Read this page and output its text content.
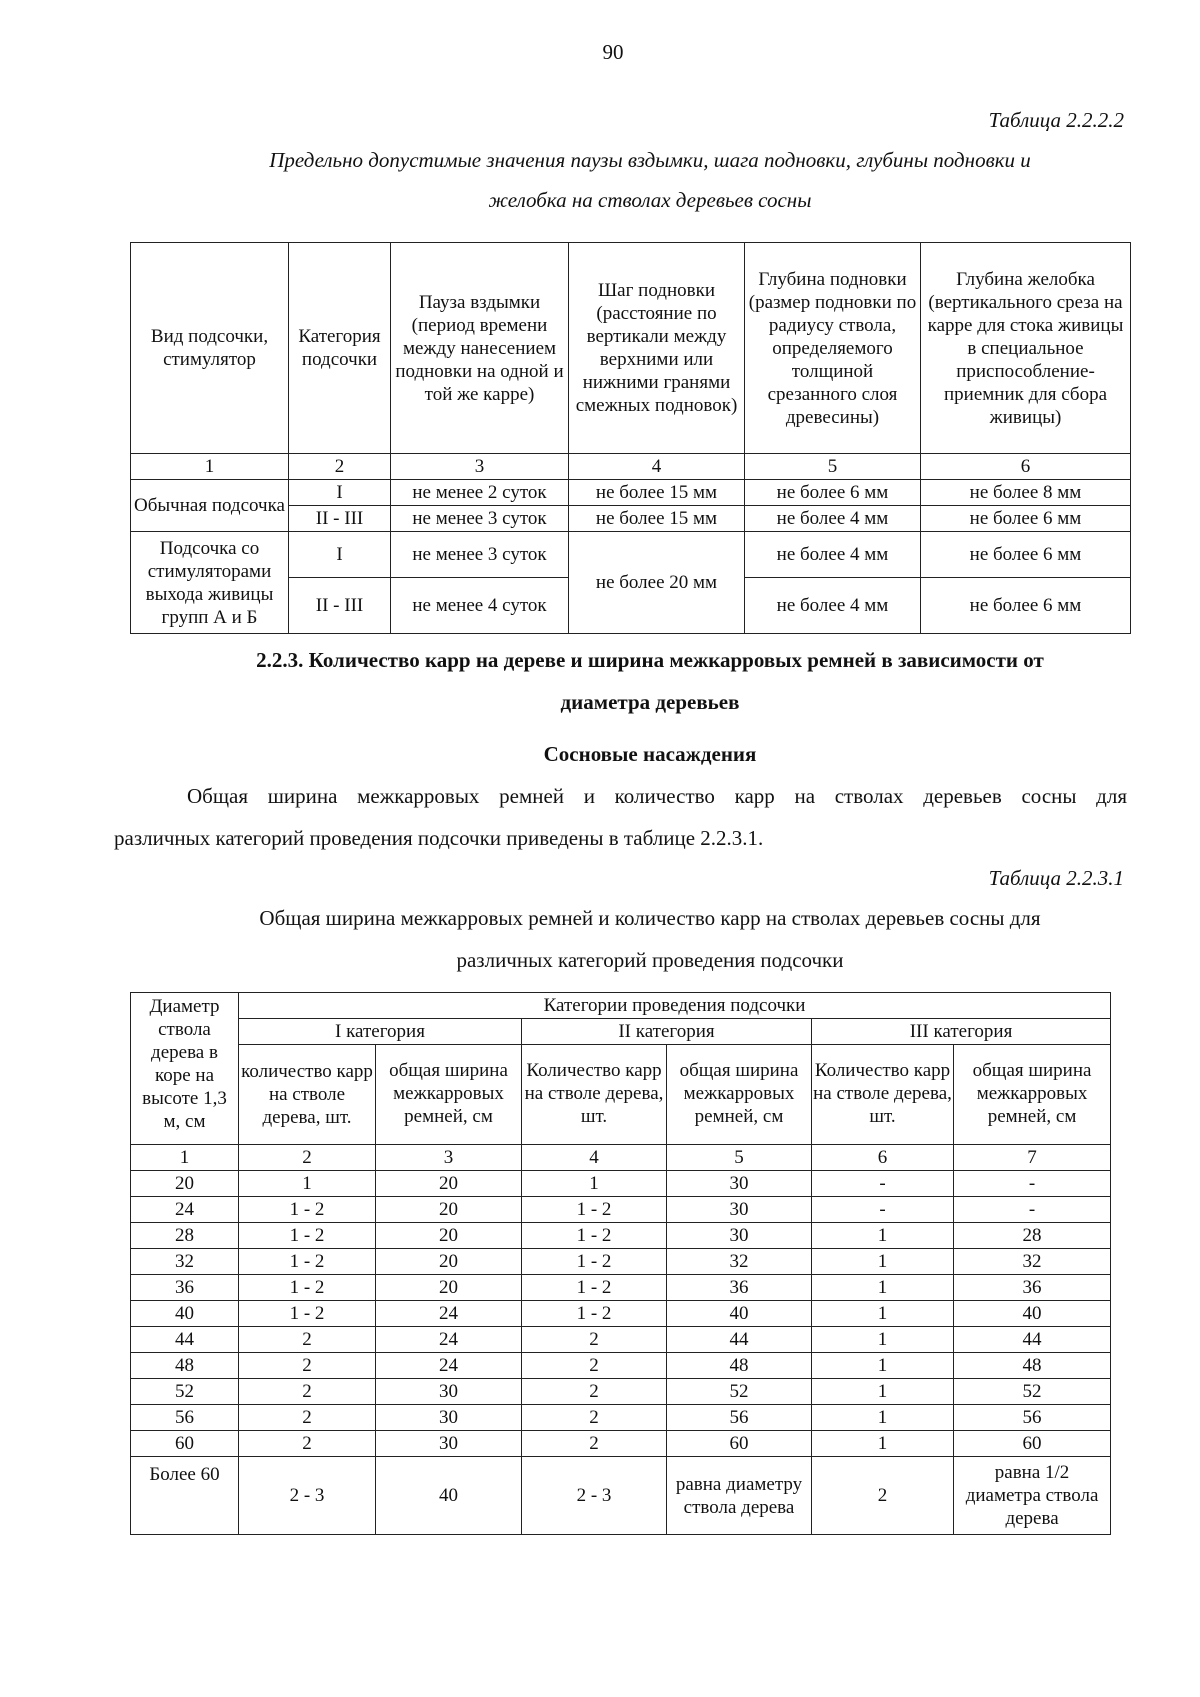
90
Таблица 2.2.2.2
Предельно допустимые значения паузы вздымки, шага подновки, глубины подновки и
желобка на стволах деревьев сосны
Вид подсочки, стимулятор	Категория подсочки	Пауза вздымки (период времени между нанесением подновки на одной и той же карре)	Шаг подновки (расстояние по вертикали между верхними или нижними гранями смежных подновок)	Глубина подновки (размер подновки по радиусу ствола, определяемого толщиной срезанного слоя древесины)	Глубина желобка (вертикального среза на карре для стока живицы в специальное приспособление-приемник для сбора живицы)
1	2	3	4	5	6
Обычная подсочка	I	не менее 2 суток	не более 15 мм	не более 6 мм	не более 8 мм
	II - III	не менее 3 суток	не более 15 мм	не более 4 мм	не более 6 мм
Подсочка со стимуляторами выхода живицы групп А и Б	I	не менее 3 суток	не более 20 мм	не более 4 мм	не более 6 мм
	II - III	не менее 4 суток		не более 4 мм	не более 6 мм
2.2.3. Количество карр на дереве и ширина межкарровых ремней в зависимости от
диаметра деревьев
Сосновые насаждения
Общая ширина межкарровых ремней и количество карр на стволах деревьев сосны для
различных категорий проведения подсочки приведены в таблице 2.2.3.1.
Таблица 2.2.3.1
Общая ширина межкарровых ремней и количество карр на стволах деревьев сосны для
различных категорий проведения подсочки
Диаметр ствола дерева в коре на высоте 1,3 м, см	Категории проведения подсочки					
	I категория		II категория		III категория	
	количество карр на стволе дерева, шт.	общая ширина межкарровых ремней, см	Количество карр на стволе дерева, шт.	общая ширина межкарровых ремней, см	Количество карр на стволе дерева, шт.	общая ширина межкарровых ремней, см
1	2	3	4	5	6	7
20	1	20	1	30	-	-
24	1 - 2	20	1 - 2	30	-	-
28	1 - 2	20	1 - 2	30	1	28
32	1 - 2	20	1 - 2	32	1	32
36	1 - 2	20	1 - 2	36	1	36
40	1 - 2	24	1 - 2	40	1	40
44	2	24	2	44	1	44
48	2	24	2	48	1	48
52	2	30	2	52	1	52
56	2	30	2	56	1	56
60	2	30	2	60	1	60
Более 60	2 - 3	40	2 - 3	равна диаметру ствола дерева	2	равна 1/2 диаметра ствола дерева
